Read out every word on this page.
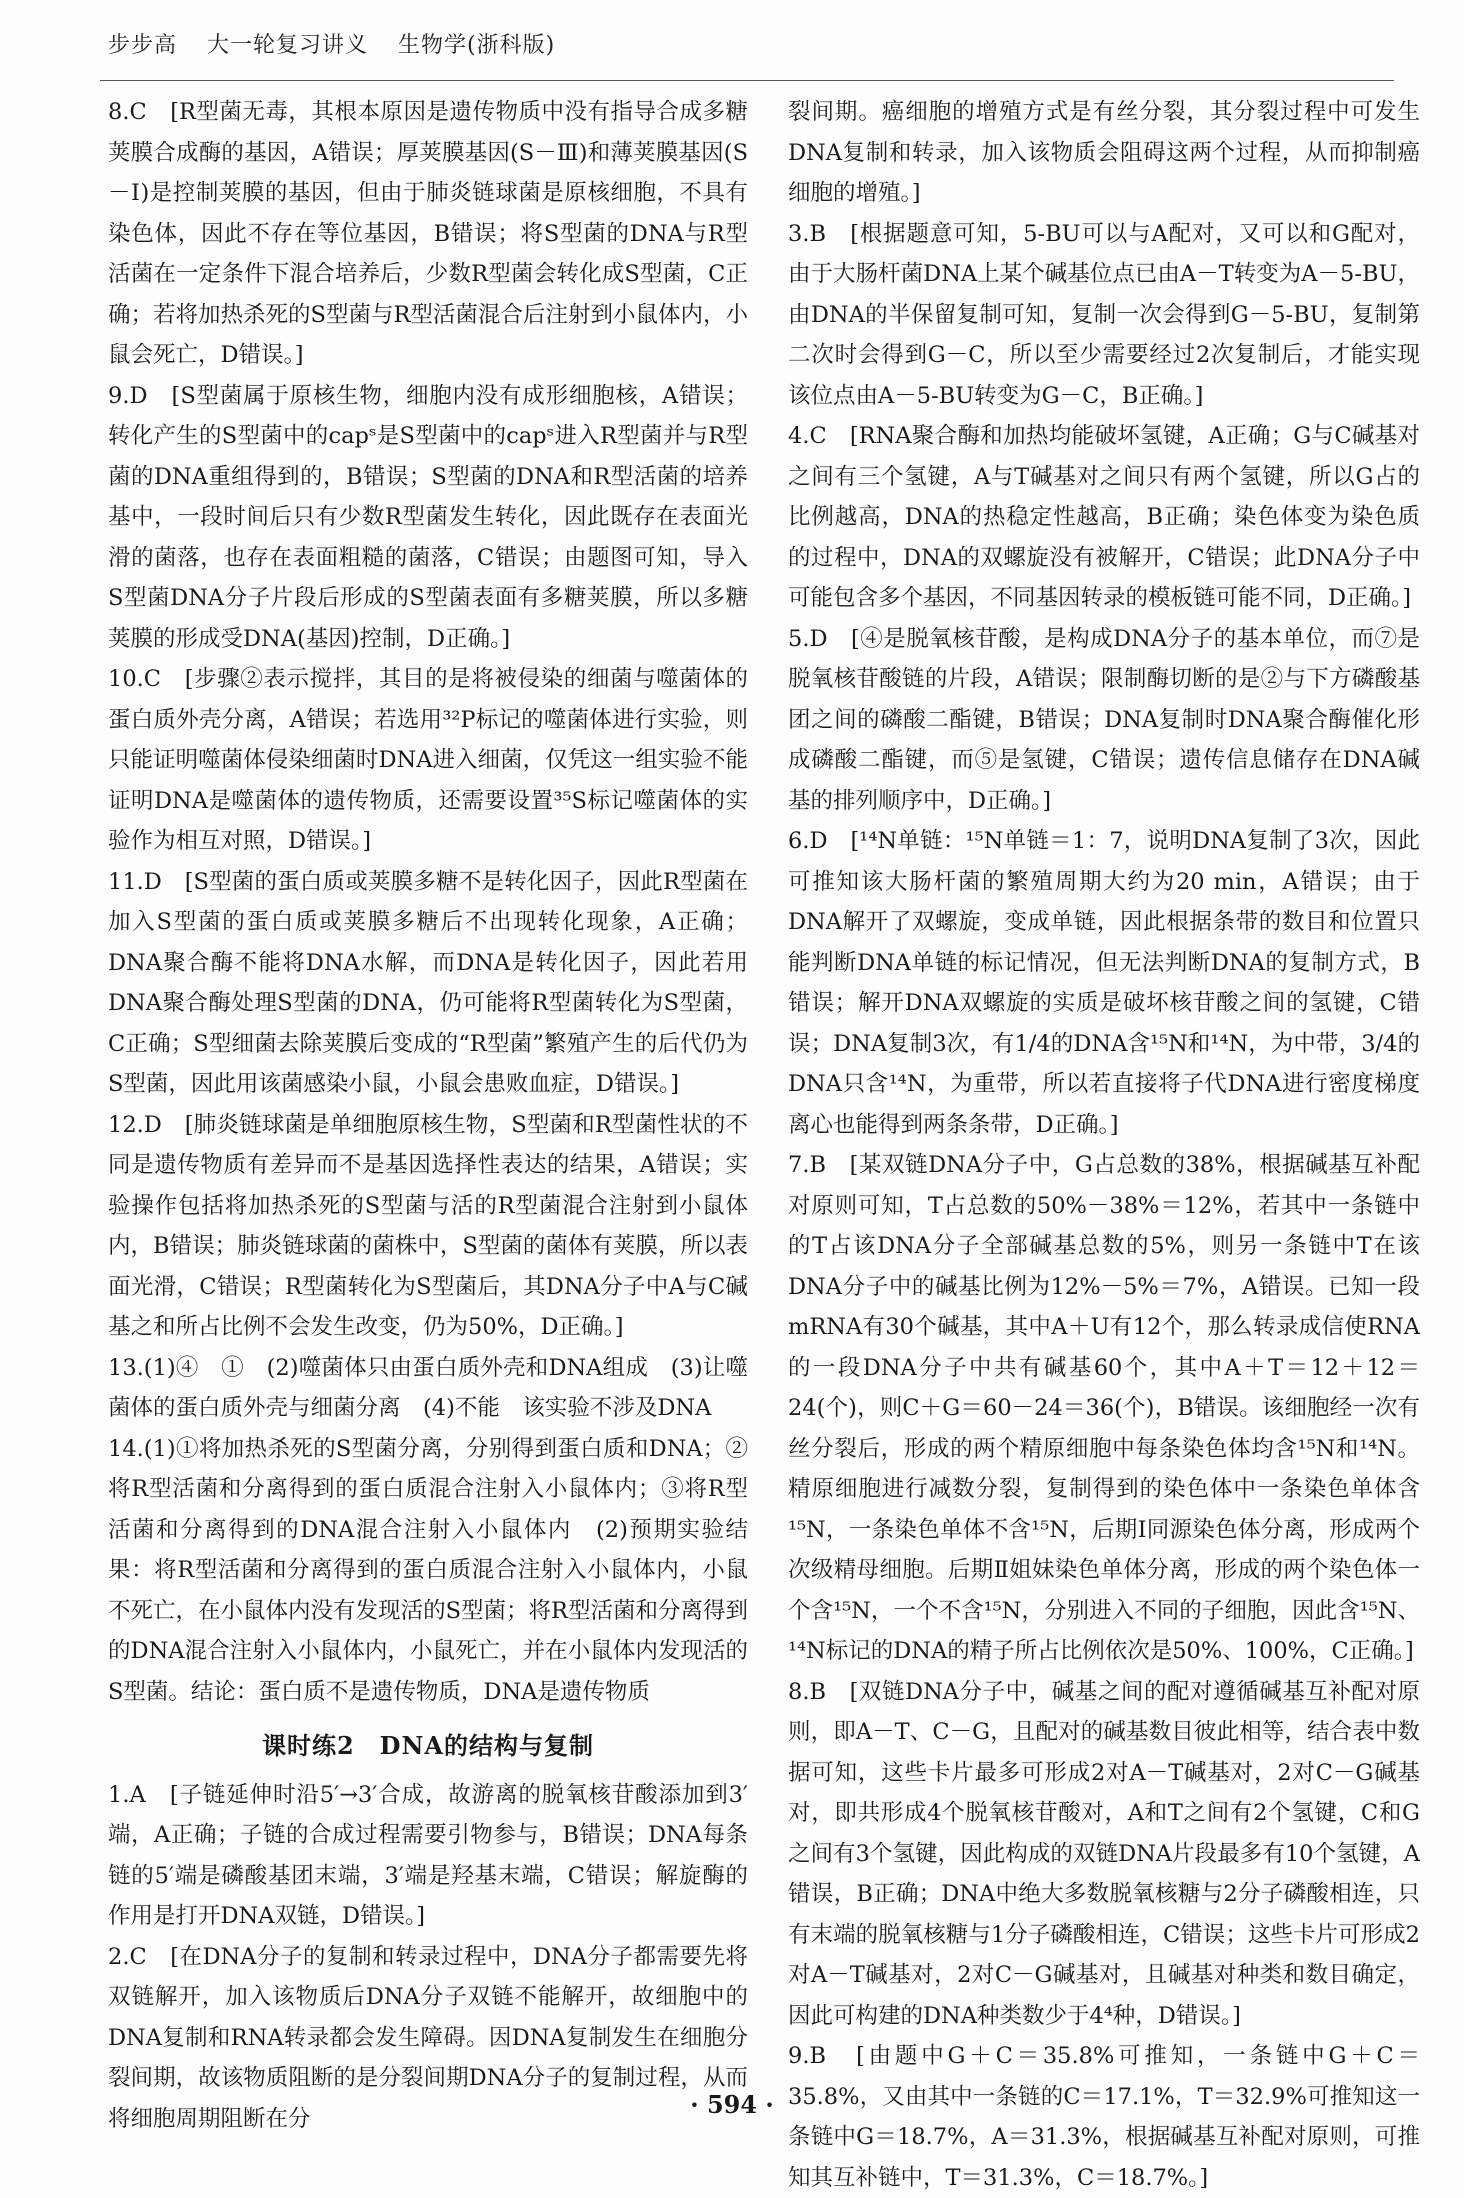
步步高 大一轮复习讲义 生物学(浙科版)

8.C　[R型菌无毒，其根本原因是遗传物质中没有指导合成多糖荚膜合成酶的基因，A错误；厚荚膜基因(S－Ⅲ)和薄荚膜基因(S－Ⅰ)是控制荚膜的基因，但由于肺炎链球菌是原核细胞，不具有染色体，因此不存在等位基因，B错误；将S型菌的DNA与R型活菌在一定条件下混合培养后，少数R型菌会转化成S型菌，C正确；若将加热杀死的S型菌与R型活菌混合后注射到小鼠体内，小鼠会死亡，D错误。]

9.D　[S型菌属于原核生物，细胞内没有成形细胞核，A错误；转化产生的S型菌中的capˢ是S型菌中的capˢ进入R型菌并与R型菌的DNA重组得到的，B错误；S型菌的DNA和R型活菌的培养基中，一段时间后只有少数R型菌发生转化，因此既存在表面光滑的菌落，也存在表面粗糙的菌落，C错误；由题图可知，导入S型菌DNA分子片段后形成的S型菌表面有多糖荚膜，所以多糖荚膜的形成受DNA(基因)控制，D正确。]

10.C　[步骤②表示搅拌，其目的是将被侵染的细菌与噬菌体的蛋白质外壳分离，A错误；若选用³²P标记的噬菌体进行实验，则只能证明噬菌体侵染细菌时DNA进入细菌，仅凭这一组实验不能证明DNA是噬菌体的遗传物质，还需要设置³⁵S标记噬菌体的实验作为相互对照，D错误。]

11.D　[S型菌的蛋白质或荚膜多糖不是转化因子，因此R型菌在加入S型菌的蛋白质或荚膜多糖后不出现转化现象，A正确；DNA聚合酶不能将DNA水解，而DNA是转化因子，因此若用DNA聚合酶处理S型菌的DNA，仍可能将R型菌转化为S型菌，C正确；S型细菌去除荚膜后变成的“R型菌”繁殖产生的后代仍为S型菌，因此用该菌感染小鼠，小鼠会患败血症，D错误。]

12.D　[肺炎链球菌是单细胞原核生物，S型菌和R型菌性状的不同是遗传物质有差异而不是基因选择性表达的结果，A错误；实验操作包括将加热杀死的S型菌与活的R型菌混合注射到小鼠体内，B错误；肺炎链球菌的菌株中，S型菌的菌体有荚膜，所以表面光滑，C错误；R型菌转化为S型菌后，其DNA分子中A与C碱基之和所占比例不会发生改变，仍为50%，D正确。]

13.(1)④　①　(2)噬菌体只由蛋白质外壳和DNA组成　(3)让噬菌体的蛋白质外壳与细菌分离　(4)不能　该实验不涉及DNA

14.(1)①将加热杀死的S型菌分离，分别得到蛋白质和DNA；②将R型活菌和分离得到的蛋白质混合注射入小鼠体内；③将R型活菌和分离得到的DNA混合注射入小鼠体内　(2)预期实验结果：将R型活菌和分离得到的蛋白质混合注射入小鼠体内，小鼠不死亡，在小鼠体内没有发现活的S型菌；将R型活菌和分离得到的DNA混合注射入小鼠体内，小鼠死亡，并在小鼠体内发现活的S型菌。结论：蛋白质不是遗传物质，DNA是遗传物质

课时练2　DNA的结构与复制

1.A　[子链延伸时沿5′→3′合成，故游离的脱氧核苷酸添加到3′端，A正确；子链的合成过程需要引物参与，B错误；DNA每条链的5′端是磷酸基团末端，3′端是羟基末端，C错误；解旋酶的作用是打开DNA双链，D错误。]

2.C　[在DNA分子的复制和转录过程中，DNA分子都需要先将双链解开，加入该物质后DNA分子双链不能解开，故细胞中的DNA复制和RNA转录都会发生障碍。因DNA复制发生在细胞分裂间期，故该物质阻断的是分裂间期DNA分子的复制过程，从而将细胞周期阻断在分

裂间期。癌细胞的增殖方式是有丝分裂，其分裂过程中可发生DNA复制和转录，加入该物质会阻碍这两个过程，从而抑制癌细胞的增殖。]

3.B　[根据题意可知，5-BU可以与A配对，又可以和G配对，由于大肠杆菌DNA上某个碱基位点已由A－T转变为A－5-BU，由DNA的半保留复制可知，复制一次会得到G－5-BU，复制第二次时会得到G－C，所以至少需要经过2次复制后，才能实现该位点由A－5-BU转变为G－C，B正确。]

4.C　[RNA聚合酶和加热均能破坏氢键，A正确；G与C碱基对之间有三个氢键，A与T碱基对之间只有两个氢键，所以G占的比例越高，DNA的热稳定性越高，B正确；染色体变为染色质的过程中，DNA的双螺旋没有被解开，C错误；此DNA分子中可能包含多个基因，不同基因转录的模板链可能不同，D正确。]

5.D　[④是脱氧核苷酸，是构成DNA分子的基本单位，而⑦是脱氧核苷酸链的片段，A错误；限制酶切断的是②与下方磷酸基团之间的磷酸二酯键，B错误；DNA复制时DNA聚合酶催化形成磷酸二酯键，而⑤是氢键，C错误；遗传信息储存在DNA碱基的排列顺序中，D正确。]

6.D　[¹⁴N单链：¹⁵N单链＝1：7，说明DNA复制了3次，因此可推知该大肠杆菌的繁殖周期大约为20 min，A错误；由于DNA解开了双螺旋，变成单链，因此根据条带的数目和位置只能判断DNA单链的标记情况，但无法判断DNA的复制方式，B错误；解开DNA双螺旋的实质是破坏核苷酸之间的氢键，C错误；DNA复制3次，有1/4的DNA含¹⁵N和¹⁴N，为中带，3/4的DNA只含¹⁴N，为重带，所以若直接将子代DNA进行密度梯度离心也能得到两条条带，D正确。]

7.B　[某双链DNA分子中，G占总数的38%，根据碱基互补配对原则可知，T占总数的50%－38%＝12%，若其中一条链中的T占该DNA分子全部碱基总数的5%，则另一条链中T在该DNA分子中的碱基比例为12%－5%＝7%，A错误。已知一段mRNA有30个碱基，其中A＋U有12个，那么转录成信使RNA的一段DNA分子中共有碱基60个，其中A＋T＝12＋12＝24(个)，则C＋G＝60－24＝36(个)，B错误。该细胞经一次有丝分裂后，形成的两个精原细胞中每条染色体均含¹⁵N和¹⁴N。精原细胞进行减数分裂，复制得到的染色体中一条染色单体含¹⁵N，一条染色单体不含¹⁵N，后期Ⅰ同源染色体分离，形成两个次级精母细胞。后期Ⅱ姐妹染色单体分离，形成的两个染色体一个含¹⁵N，一个不含¹⁵N，分别进入不同的子细胞，因此含¹⁵N、¹⁴N标记的DNA的精子所占比例依次是50%、100%，C正确。]

8.B　[双链DNA分子中，碱基之间的配对遵循碱基互补配对原则，即A－T、C－G，且配对的碱基数目彼此相等，结合表中数据可知，这些卡片最多可形成2对A－T碱基对，2对C－G碱基对，即共形成4个脱氧核苷酸对，A和T之间有2个氢键，C和G之间有3个氢键，因此构成的双链DNA片段最多有10个氢键，A错误，B正确；DNA中绝大多数脱氧核糖与2分子磷酸相连，只有末端的脱氧核糖与1分子磷酸相连，C错误；这些卡片可形成2对A－T碱基对，2对C－G碱基对，且碱基对种类和数目确定，因此可构建的DNA种类数少于4⁴种，D错误。]

9.B　[由题中G＋C＝35.8%可推知，一条链中G＋C＝35.8%，又由其中一条链的C＝17.1%，T＝32.9%可推知这一条链中G＝18.7%，A＝31.3%，根据碱基互补配对原则，可推知其互补链中，T＝31.3%，C＝18.7%。]

· 594 ·
